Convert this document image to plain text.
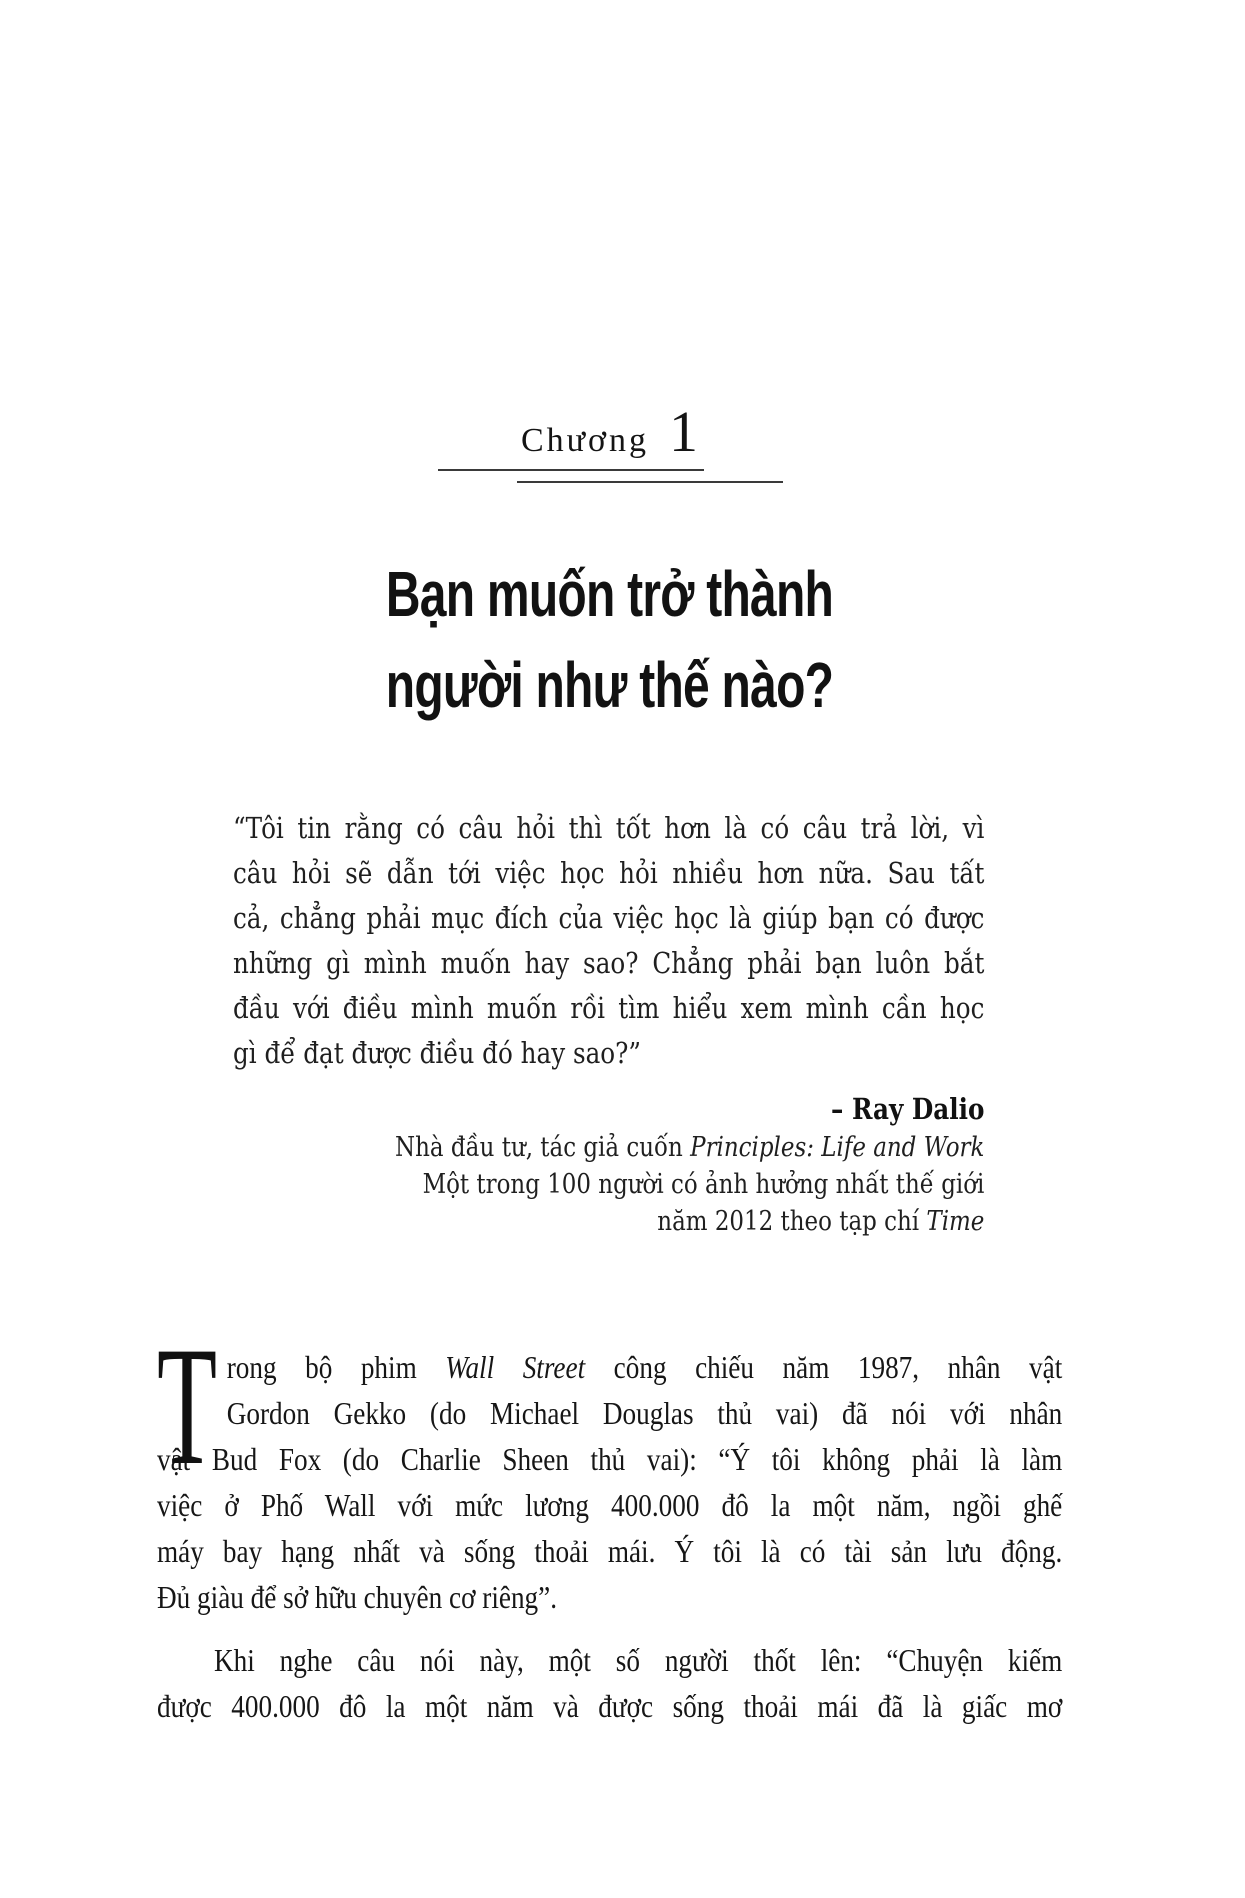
Chương 1
Bạn muốn trở thành
người như thế nào?
“Tôi tin rằng có câu hỏi thì tốt hơn là có câu trả lời, vì
câu hỏi sẽ dẫn tới việc học hỏi nhiều hơn nữa. Sau tất
cả, chẳng phải mục đích của việc học là giúp bạn có được
những gì mình muốn hay sao? Chẳng phải bạn luôn bắt
đầu với điều mình muốn rồi tìm hiểu xem mình cần học
gì để đạt được điều đó hay sao?”
– Ray Dalio
Nhà đầu tư, tác giả cuốn Principles: Life and Work
Một trong 100 người có ảnh hưởng nhất thế giới
năm 2012 theo tạp chí Time
T rong bộ phim Wall Street công chiếu năm 1987, nhân vật
Gordon Gekko (do Michael Douglas thủ vai) đã nói với nhân
vật Bud Fox (do Charlie Sheen thủ vai): “Ý tôi không phải là làm
việc ở Phố Wall với mức lương 400.000 đô la một năm, ngồi ghế
máy bay hạng nhất và sống thoải mái. Ý tôi là có tài sản lưu động.
Đủ giàu để sở hữu chuyên cơ riêng”.
Khi nghe câu nói này, một số người thốt lên: “Chuyện kiếm
được 400.000 đô la một năm và được sống thoải mái đã là giấc mơ
